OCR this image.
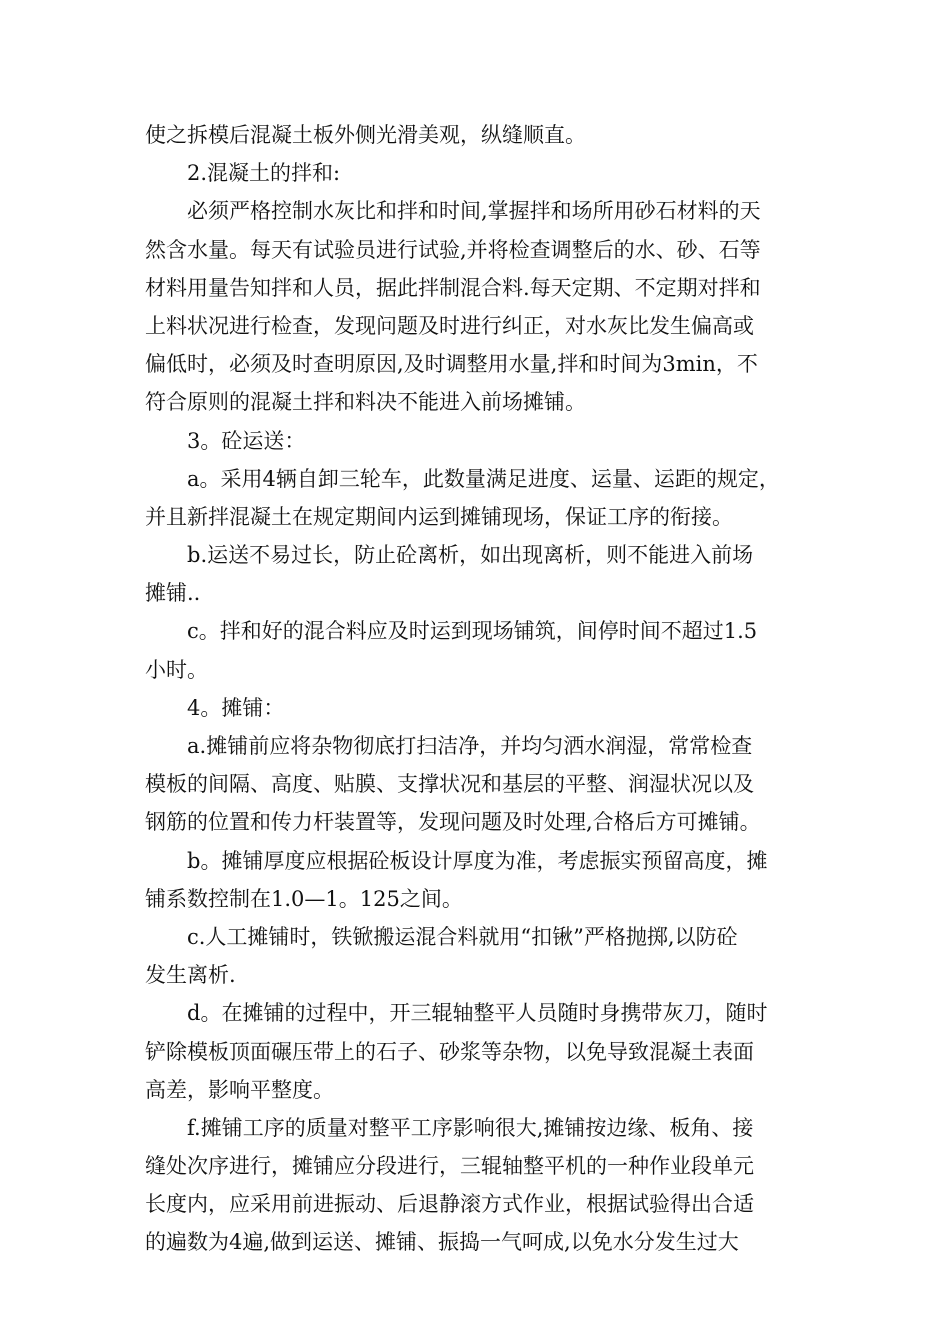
使之拆模后混凝土板外侧光滑美观，纵缝顺直。
2.混凝土的拌和:
必须严格控制水灰比和拌和时间,掌握拌和场所用砂石材料的天
然含水量。每天有试验员进行试验,并将检查调整后的水、砂、石等
材料用量告知拌和人员，据此拌制混合料.每天定期、不定期对拌和
上料状况进行检查，发现问题及时进行纠正，对水灰比发生偏高或
偏低时，必须及时查明原因,及时调整用水量,拌和时间为3min，不
符合原则的混凝土拌和料决不能进入前场摊铺。
3。砼运送：
a。采用4辆自卸三轮车，此数量满足进度、运量、运距的规定，
并且新拌混凝土在规定期间内运到摊铺现场，保证工序的衔接。
b.运送不易过长，防止砼离析，如出现离析，则不能进入前场
摊铺..
c。拌和好的混合料应及时运到现场铺筑，间停时间不超过1.5
小时。
4。摊铺：
a.摊铺前应将杂物彻底打扫洁净，并均匀洒水润湿，常常检查
模板的间隔、高度、贴膜、支撑状况和基层的平整、润湿状况以及
钢筋的位置和传力杆装置等，发现问题及时处理,合格后方可摊铺。
b。摊铺厚度应根据砼板设计厚度为准，考虑振实预留高度，摊
铺系数控制在1.0—1。125之间。
c.人工摊铺时，铁锨搬运混合料就用“扣锹”严格抛掷,以防砼
发生离析.
d。在摊铺的过程中，开三辊轴整平人员随时身携带灰刀，随时
铲除模板顶面碾压带上的石子、砂浆等杂物，以免导致混凝土表面
高差，影响平整度。
f.摊铺工序的质量对整平工序影响很大,摊铺按边缘、板角、接
缝处次序进行，摊铺应分段进行，三辊轴整平机的一种作业段单元
长度内，应采用前进振动、后退静滚方式作业，根据试验得出合适
的遍数为4遍,做到运送、摊铺、振捣一气呵成,以免水分发生过大
